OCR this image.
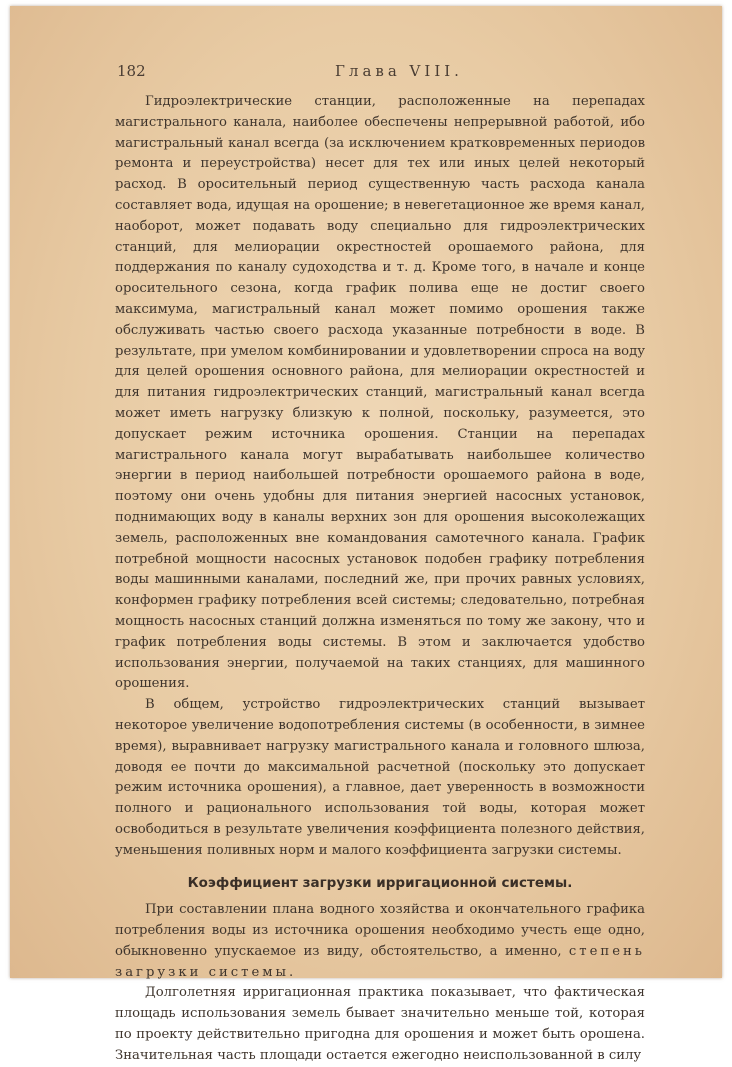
182	Глава VIII.

Гидроэлектрические станции, расположенные на перепадах магистрального канала, наиболее обеспечены непрерывной работой, ибо магистральный канал всегда (за исключением кратковременных периодов ремонта и переустройства) несет для тех или иных целей некоторый расход. В оросительный период существенную часть расхода канала составляет вода, идущая на орошение; в невегетационное же время канал, наоборот, может подавать воду специально для гидроэлектрических станций, для мелиорации окрестностей орошаемого района, для поддержания по каналу судоходства и т. д. Кроме того, в начале и конце оросительного сезона, когда график полива еще не достиг своего максимума, магистральный канал может помимо орошения также обслуживать частью своего расхода указанные потребности в воде. В результате, при умелом комбинировании и удовлетворении спроса на воду для целей орошения основного района, для мелиорации окрестностей и для питания гидроэлектрических станций, магистральный канал всегда может иметь нагрузку близкую к полной, поскольку, разумеется, это допускает режим источника орошения. Станции на перепадах магистрального канала могут вырабатывать наибольшее количество энергии в период наибольшей потребности орошаемого района в воде, поэтому они очень удобны для питания энергией насосных установок, поднимающих воду в каналы верхних зон для орошения высоколежащих земель, расположенных вне командования самотечного канала. График потребной мощности насосных установок подобен графику потребления воды машинными каналами, последний же, при прочих равных условиях, конформен графику потребления всей системы; следовательно, потребная мощность насосных станций должна изменяться по тому же закону, что и график потребления воды системы. В этом и заключается удобство использования энергии, получаемой на таких станциях, для машинного орошения.

В общем, устройство гидроэлектрических станций вызывает некоторое увеличение водопотребления системы (в особенности, в зимнее время), выравнивает нагрузку магистрального канала и головного шлюза, доводя ее почти до максимальной расчетной (поскольку это допускает режим источника орошения), а главное, дает уверенность в возможности полного и рационального использования той воды, которая может освободиться в результате увеличения коэффициента полезного действия, уменьшения поливных норм и малого коэффициента загрузки системы.

Коэффициент загрузки ирригационной системы.

При составлении плана водного хозяйства и окончательного графика потребления воды из источника орошения необходимо учесть еще одно, обыкновенно упускаемое из виду, обстоятельство, а именно, степень загрузки системы.

Долголетняя ирригационная практика показывает, что фактическая площадь использования земель бывает значительно меньше той, которая по проекту действительно пригодна для орошения и может быть орошена. Значительная часть площади остается ежегодно неиспользованной в силу
